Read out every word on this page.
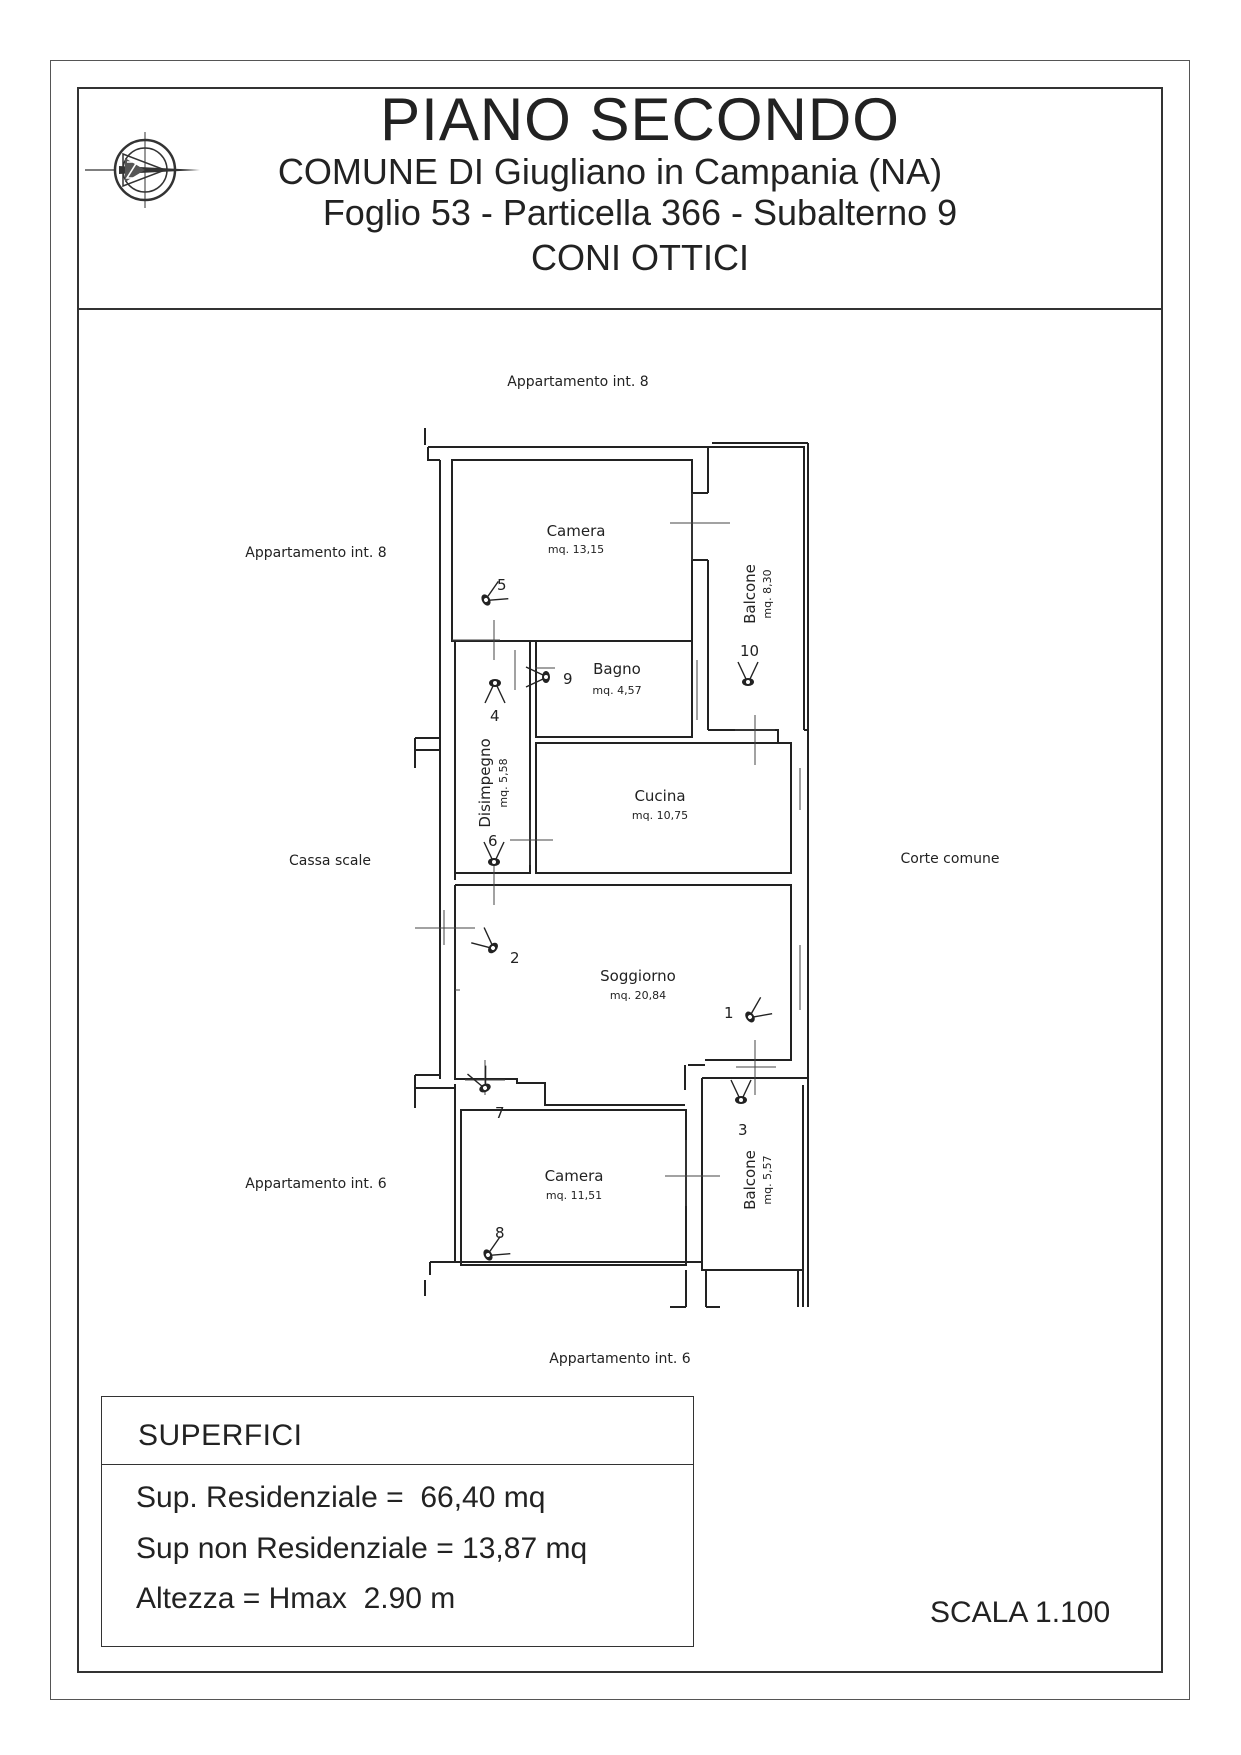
PIANO SECONDO
COMUNE DI Giugliano in Campania (NA)
Foglio 53 - Particella 366 - Subalterno 9
CONI OTTICI
Camera
mq. 13,15
Balcone mq. 8,30
Bagno
mq. 4,57
Disimpegno mq. 5,58	Cucina
mq. 10,75
Soggiorno
mq. 20,84
Camera
mq. 11,51	Balcone mq. 5,57
Appartamento int. 8
Appartamento int. 8
Cassa scale	Corte comune
Appartamento int. 6
Appartamento int. 6
1
2
3
4
5
6
7
8
9
10
SUPERFICI
Sup. Residenziale =  66,40 mq
Sup non Residenziale = 13,87 mq
Altezza = Hmax  2.90 m	SCALA 1.100
